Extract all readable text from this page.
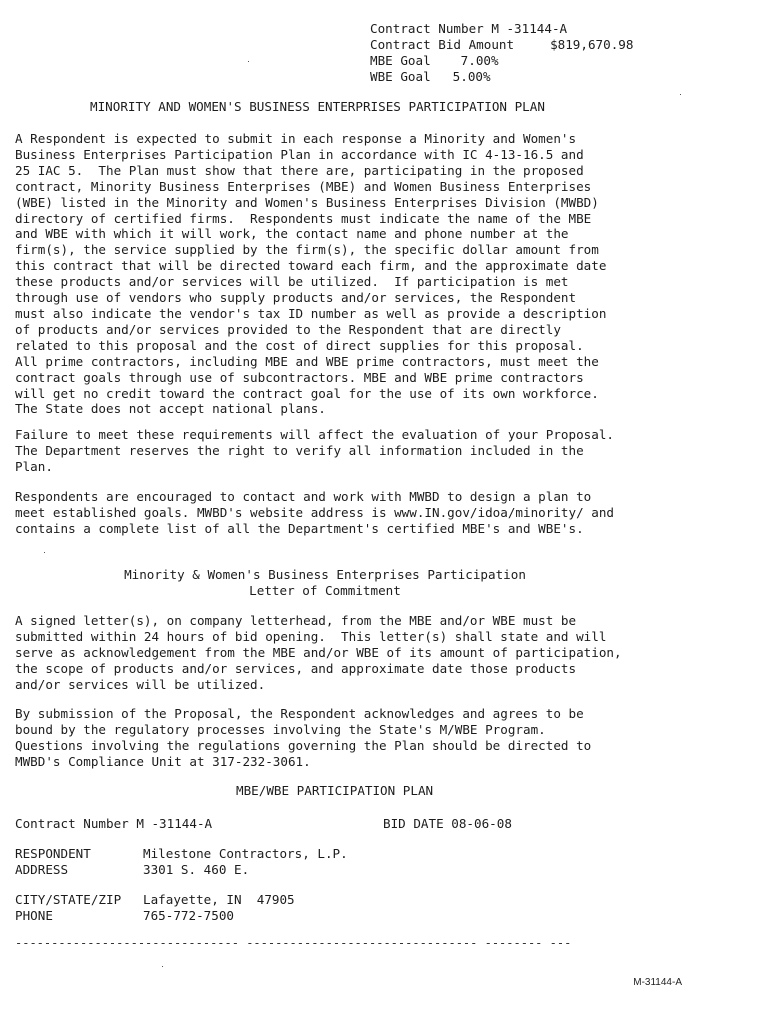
Contract Number M -31144-A
Contract Bid Amount	$819,670.98
MBE Goal 7.00%
WBE Goal 5.00%
MINORITY AND WOMEN'S BUSINESS ENTERPRISES PARTICIPATION PLAN
A Respondent is expected to submit in each response a Minority and Women's
Business Enterprises Participation Plan in accordance with IC 4-13-16.5 and
25 IAC 5.  The Plan must show that there are, participating in the proposed
contract, Minority Business Enterprises (MBE) and Women Business Enterprises
(WBE) listed in the Minority and Women's Business Enterprises Division (MWBD)
directory of certified firms.  Respondents must indicate the name of the MBE
and WBE with which it will work, the contact name and phone number at the
firm(s), the service supplied by the firm(s), the specific dollar amount from
this contract that will be directed toward each firm, and the approximate date
these products and/or services will be utilized.  If participation is met
through use of vendors who supply products and/or services, the Respondent
must also indicate the vendor's tax ID number as well as provide a description
of products and/or services provided to the Respondent that are directly
related to this proposal and the cost of direct supplies for this proposal.
All prime contractors, including MBE and WBE prime contractors, must meet the
contract goals through use of subcontractors. MBE and WBE prime contractors
will get no credit toward the contract goal for the use of its own workforce.
The State does not accept national plans.
Failure to meet these requirements will affect the evaluation of your Proposal.
The Department reserves the right to verify all information included in the
Plan.
Respondents are encouraged to contact and work with MWBD to design a plan to
meet established goals. MWBD's website address is www.IN.gov/idoa/minority/ and
contains a complete list of all the Department's certified MBE's and WBE's.
Minority & Women's Business Enterprises Participation
Letter of Commitment
A signed letter(s), on company letterhead, from the MBE and/or WBE must be
submitted within 24 hours of bid opening.  This letter(s) shall state and will
serve as acknowledgement from the MBE and/or WBE of its amount of participation,
the scope of products and/or services, and approximate date those products
and/or services will be utilized.
By submission of the Proposal, the Respondent acknowledges and agrees to be
bound by the regulatory processes involving the State's M/WBE Program.
Questions involving the regulations governing the Plan should be directed to
MWBD's Compliance Unit at 317-232-3061.
MBE/WBE PARTICIPATION PLAN
Contract Number M -31144-A	BID DATE 08-06-08
RESPONDENT
ADDRESS
Milestone Contractors, L.P.
3301 S. 460 E.
CITY/STATE/ZIP
PHONE
Lafayette, IN  47905
765-772-7500
------------------------------- -------------------------------- -------- ---
M-31144-A
